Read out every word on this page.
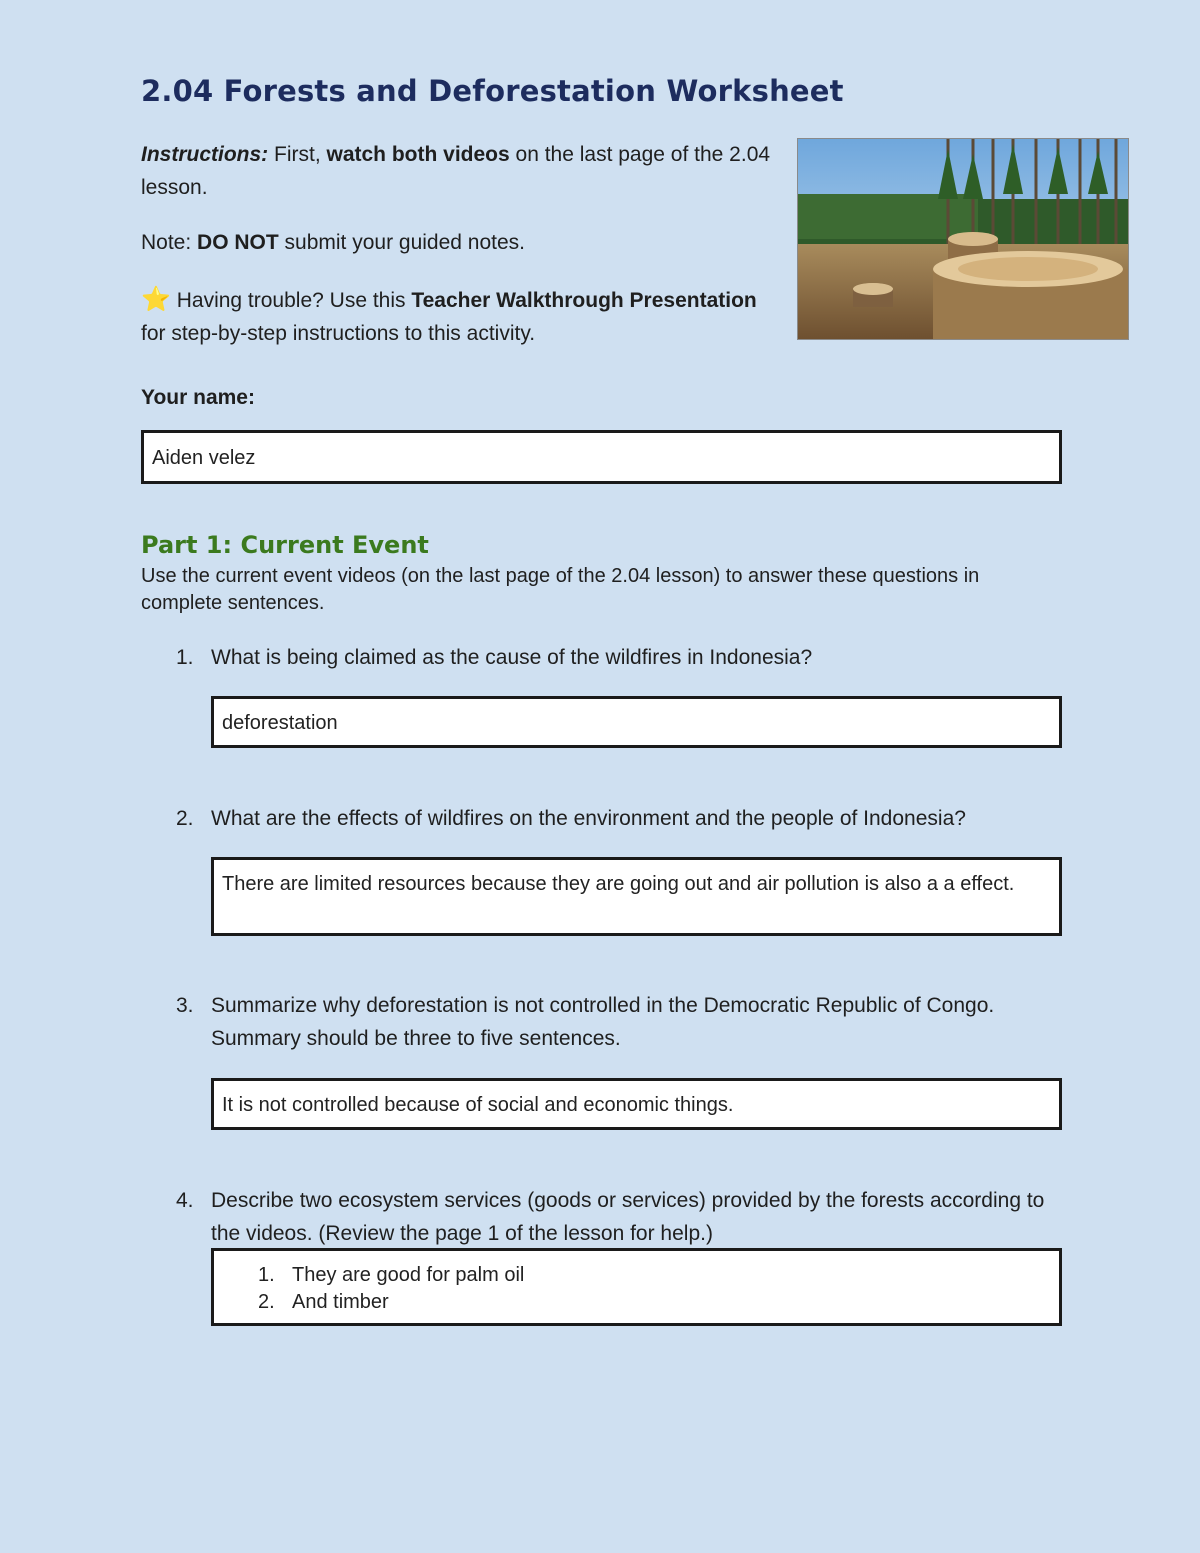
2.04 Forests and Deforestation Worksheet

Instructions: First, watch both videos on the last page of the 2.04 lesson.

Note: DO NOT submit your guided notes.

⭐ Having trouble? Use this Teacher Walkthrough Presentation for step-by-step instructions to this activity.

Your name:
Aiden velez
Part 1: Current Event
Use the current event videos (on the last page of the 2.04 lesson) to answer these questions in complete sentences.
1. What is being claimed as the cause of the wildfires in Indonesia?
deforestation
2. What are the effects of wildfires on the environment and the people of Indonesia?
There are limited resources because they are going out and air pollution is also a a effect.
3. Summarize why deforestation is not controlled in the Democratic Republic of Congo. Summary should be three to five sentences.
It is not controlled because of social and economic things.
4. Describe two ecosystem services (goods or services) provided by the forests according to the videos. (Review the page 1 of the lesson for help.)
1. They are good for palm oil
2. And timber
